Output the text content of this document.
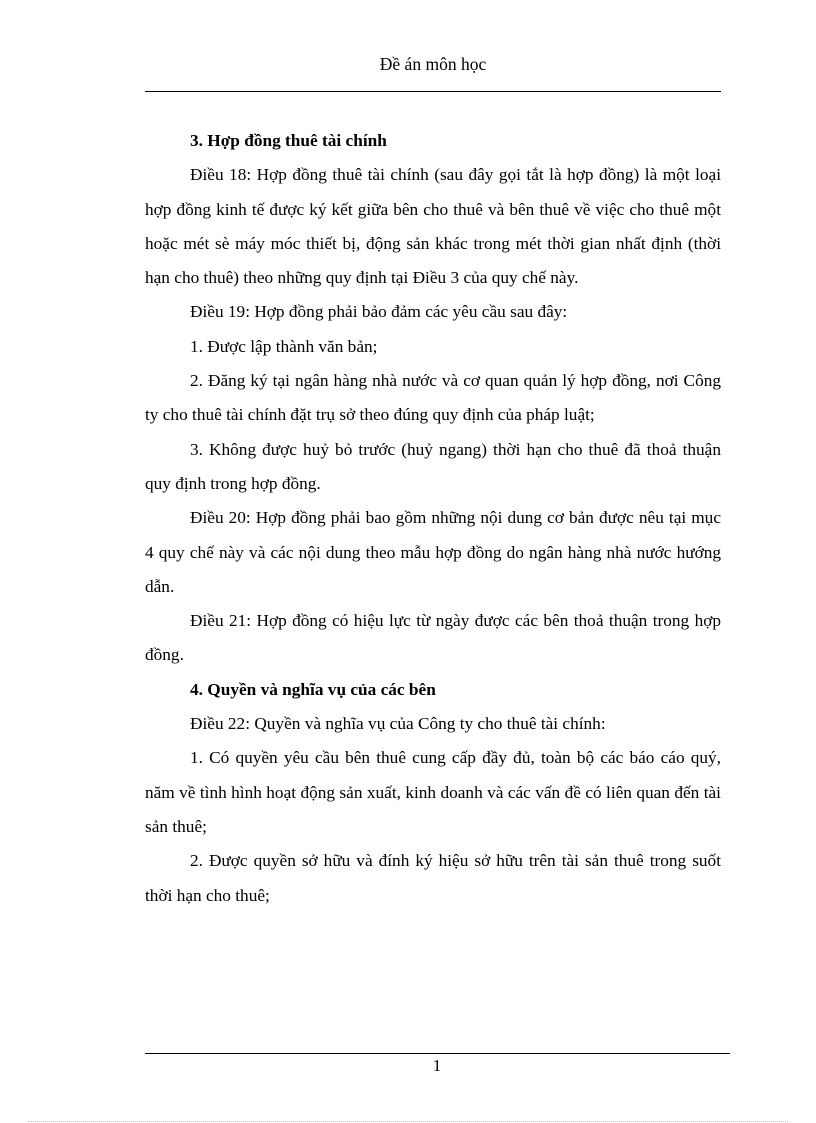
Đề án môn học

3. Hợp đồng thuê tài chính

Điều 18: Hợp đồng thuê tài chính (sau đây gọi tắt là hợp đồng) là một loại hợp đồng kinh tế được ký kết giữa bên cho thuê và bên thuê về việc cho thuê một hoặc mét sè máy móc thiết bị, động sản khác trong mét thời gian nhất định (thời hạn cho thuê) theo những quy định tại Điều 3 của quy chế này.

Điều 19: Hợp đồng phải bảo đảm các yêu cầu sau đây:

1. Được lập thành văn bản;

2. Đăng ký tại ngân hàng nhà nước và cơ quan quản lý hợp đồng, nơi Công ty cho thuê tài chính đặt trụ sở theo đúng quy định của pháp luật;

3. Không được huỷ bỏ trước (huỷ ngang) thời hạn cho thuê đã thoả thuận quy định trong hợp đồng.

Điều 20: Hợp đồng phải bao gồm những nội dung cơ bản được nêu tại mục 4 quy chế này và các nội dung theo mẫu hợp đồng do ngân hàng nhà nước hướng dẫn.

Điều 21: Hợp đồng có hiệu lực từ ngày được các bên thoả thuận trong hợp đồng.

4. Quyền và nghĩa vụ của các bên

Điều 22: Quyền và nghĩa vụ của Công ty cho thuê tài chính:

1. Có quyền yêu cầu bên thuê cung cấp đầy đủ, toàn bộ các báo cáo quý, năm về tình hình hoạt động sản xuất, kinh doanh và các vấn đề có liên quan đến tài sản thuê;

2. Được quyền sở hữu và đính ký hiệu sở hữu trên tài sản thuê trong suốt thời hạn cho thuê;

1
